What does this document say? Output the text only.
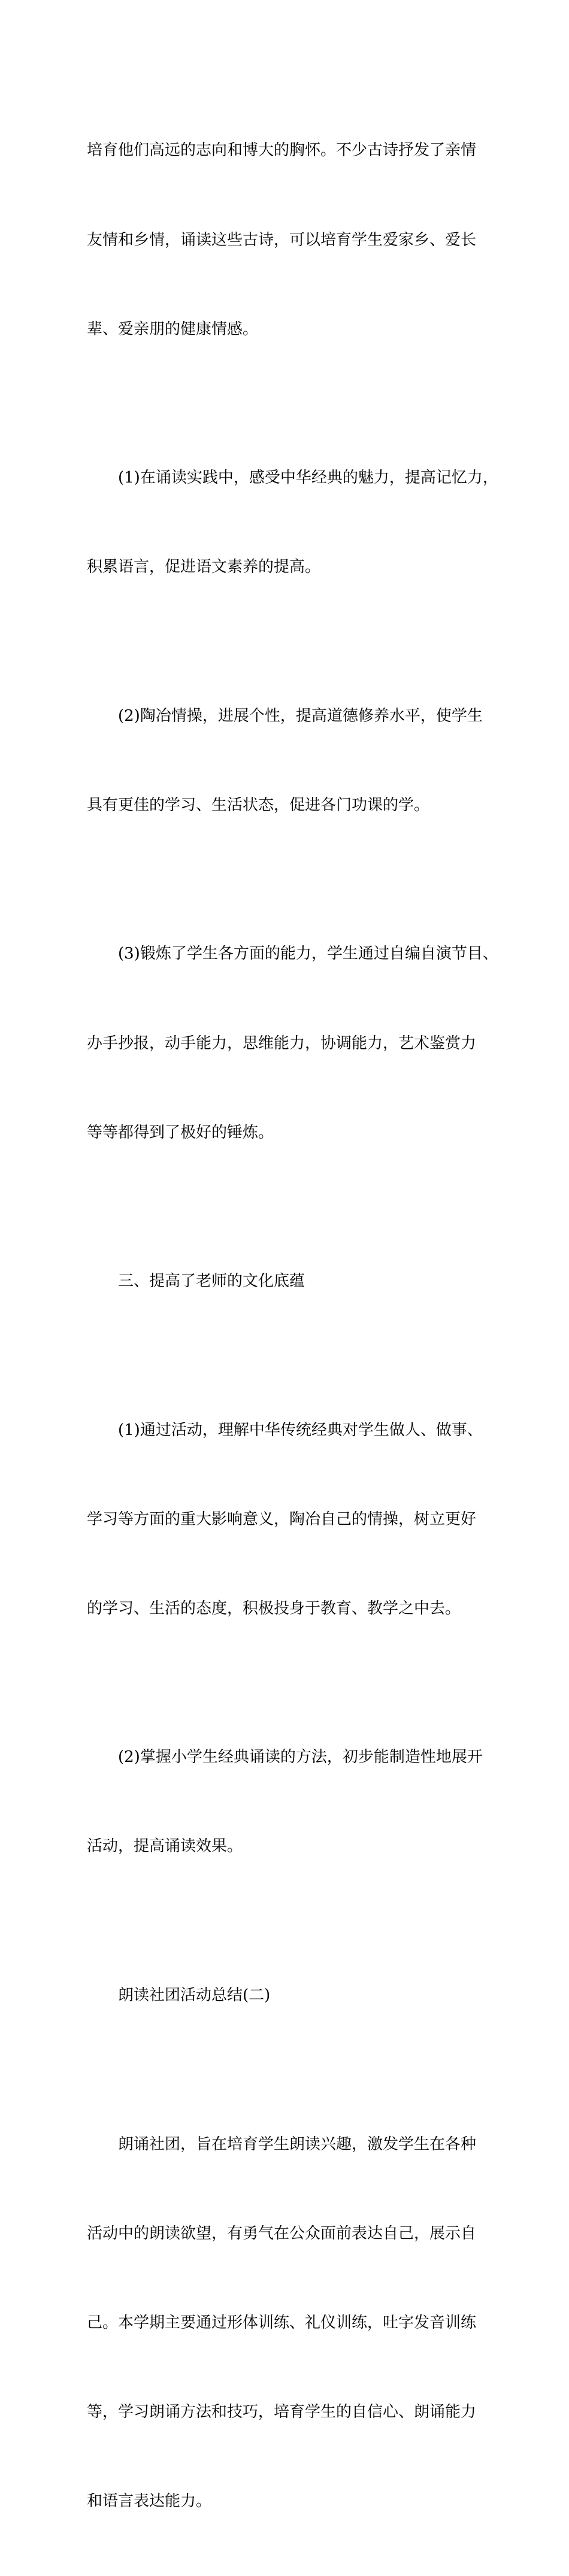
培育他们高远的志向和博大的胸怀。不少古诗抒发了亲情

友情和乡情，诵读这些古诗，可以培育学生爱家乡、爱长

辈、爱亲朋的健康情感。

(1)在诵读实践中，感受中华经典的魅力，提高记忆力，

积累语言，促进语文素养的提高。

(2)陶冶情操，进展个性，提高道德修养水平，使学生

具有更佳的学习、生活状态，促进各门功课的学。

(3)锻炼了学生各方面的能力，学生通过自编自演节目、

办手抄报，动手能力，思维能力，协调能力，艺术鉴赏力

等等都得到了极好的锤炼。

三、提高了老师的文化底蕴

(1)通过活动，理解中华传统经典对学生做人、做事、

学习等方面的重大影响意义，陶冶自己的情操，树立更好

的学习、生活的态度，积极投身于教育、教学之中去。

(2)掌握小学生经典诵读的方法，初步能制造性地展开

活动，提高诵读效果。

朗读社团活动总结(二)

朗诵社团，旨在培育学生朗读兴趣，激发学生在各种

活动中的朗读欲望，有勇气在公众面前表达自己，展示自

己。本学期主要通过形体训练、礼仪训练，吐字发音训练

等，学习朗诵方法和技巧，培育学生的自信心、朗诵能力

和语言表达能力。
